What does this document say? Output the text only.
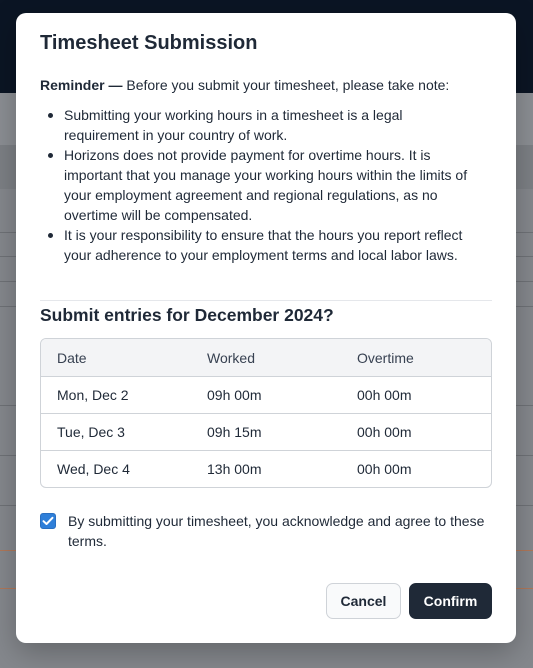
Timesheet Submission

Reminder — Before you submit your timesheet, please take note:

Submitting your working hours in a timesheet is a legal requirement in your country of work.
Horizons does not provide payment for overtime hours. It is important that you manage your working hours within the limits of your employment agreement and regional regulations, as no overtime will be compensated.
It is your responsibility to ensure that the hours you report reflect your adherence to your employment terms and local labor laws.
Submit entries for December 2024?
Date	Worked	Overtime
Mon, Dec 2	09h 00m	00h 00m
Tue, Dec 3	09h 15m	00h 00m
Wed, Dec 4	13h 00m	00h 00m
By submitting your timesheet, you acknowledge and agree to these terms.
Cancel	Confirm
